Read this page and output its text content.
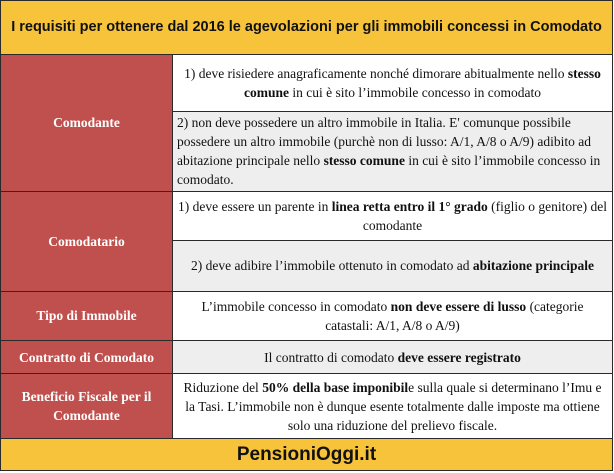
I requisiti per ottenere dal 2016 le agevolazioni per gli immobili concessi in Comodato	
Comodante	1) deve risiedere anagraficamente nonché dimorare abitualmente nello stesso comune in cui è sito l’immobile concesso in comodato
	2) non deve possedere un altro immobile in Italia. E' comunque possibile possedere un altro immobile (purchè non di lusso: A/1, A/8 o A/9) adibito ad abitazione principale nello stesso comune in cui è sito l’immobile concesso in comodato.
Comodatario	1) deve essere un parente in linea retta entro il 1° grado (figlio o genitore) del comodante
	2) deve adibire l’immobile ottenuto in comodato ad abitazione principale
Tipo di Immobile	L’immobile concesso in comodato non deve essere di lusso (categorie catastali: A/1, A/8 o A/9)
Contratto di Comodato	Il contratto di comodato deve essere registrato
Beneficio Fiscale per il Comodante	Riduzione del 50% della base imponibile sulla quale si determinano l’Imu e la Tasi. L’immobile non è dunque esente totalmente dalle imposte ma ottiene solo una riduzione del prelievo fiscale.
PensioniOggi.it	
